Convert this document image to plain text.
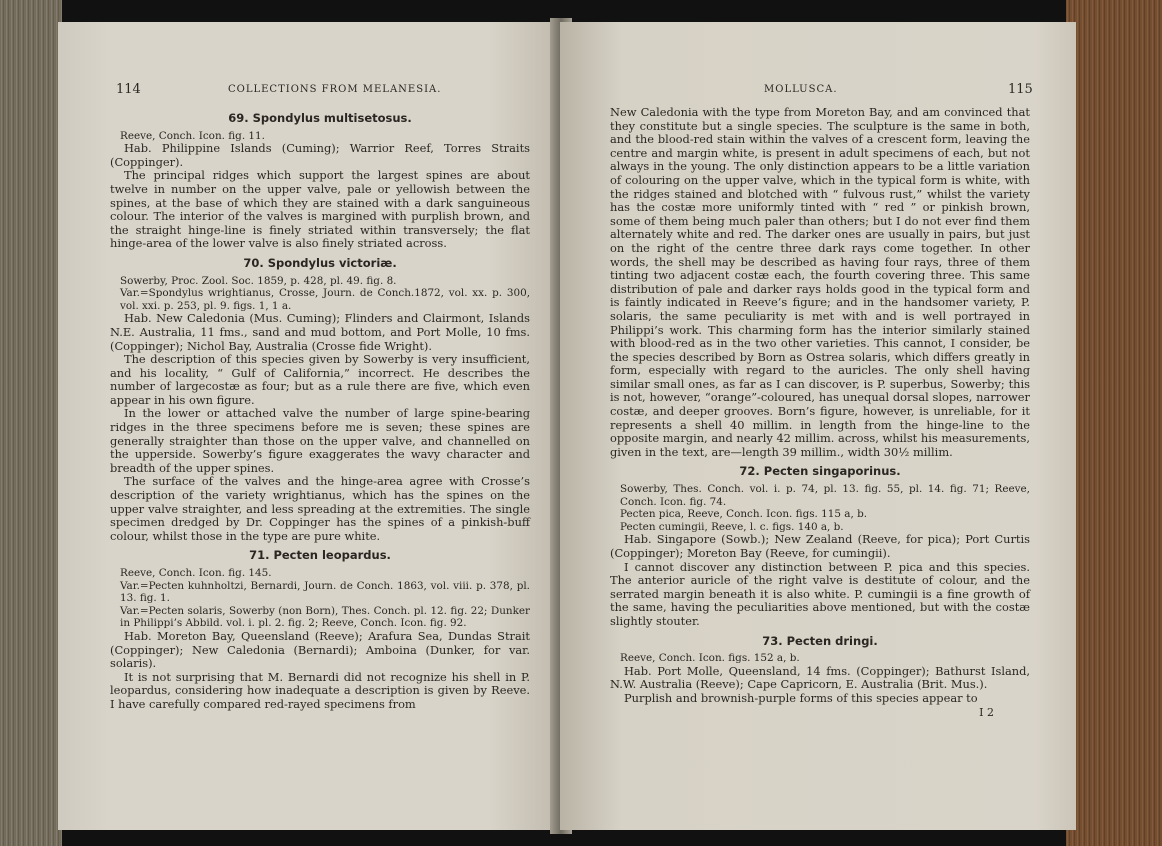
114	COLLECTIONS FROM MELANESIA.
69. Spondylus multisetosus.

Reeve, Conch. Icon. fig. 11.

Hab. Philippine Islands (Cuming); Warrior Reef, Torres Straits (Coppinger).

The principal ridges which support the largest spines are about twelve in number on the upper valve, pale or yellowish between the spines, at the base of which they are stained with a dark sanguineous colour. The interior of the valves is margined with purplish brown, and the straight hinge-line is finely striated within transversely; the flat hinge-area of the lower valve is also finely striated across.

70. Spondylus victoriæ.

Sowerby, Proc. Zool. Soc. 1859, p. 428, pl. 49. fig. 8.

Var.=Spondylus wrightianus, Crosse, Journ. de Conch.1872, vol. xx. p. 300, vol. xxi. p. 253, pl. 9. figs. 1, 1 a.

Hab. New Caledonia (Mus. Cuming); Flinders and Clairmont, Islands N.E. Australia, 11 fms., sand and mud bottom, and Port Molle, 10 fms. (Coppinger); Nichol Bay, Australia (Crosse fide Wright).

The description of this species given by Sowerby is very insufficient, and his locality, “ Gulf of California,” incorrect. He describes the number of largecostæ as four; but as a rule there are five, which even appear in his own figure.

In the lower or attached valve the number of large spine-bearing ridges in the three specimens before me is seven; these spines are generally straighter than those on the upper valve, and channelled on the upperside. Sowerby’s figure exaggerates the wavy character and breadth of the upper spines.

The surface of the valves and the hinge-area agree with Crosse’s description of the variety wrightianus, which has the spines on the upper valve straighter, and less spreading at the extremities. The single specimen dredged by Dr. Coppinger has the spines of a pinkish-buff colour, whilst those in the type are pure white.

71. Pecten leopardus.

Reeve, Conch. Icon. fig. 145.

Var.=Pecten kuhnholtzi, Bernardi, Journ. de Conch. 1863, vol. viii. p. 378, pl. 13. fig. 1.

Var.=Pecten solaris, Sowerby (non Born), Thes. Conch. pl. 12. fig. 22; Dunker in Philippi’s Abbild. vol. i. pl. 2. fig. 2; Reeve, Conch. Icon. fig. 92.

Hab. Moreton Bay, Queensland (Reeve); Arafura Sea, Dundas Strait (Coppinger); New Caledonia (Bernardi); Amboina (Dunker, for var. solaris).

It is not surprising that M. Bernardi did not recognize his shell in P. leopardus, considering how inadequate a description is given by Reeve. I have carefully compared red-rayed specimens from

MOLLUSCA.	115

New Caledonia with the type from Moreton Bay, and am convinced that they constitute but a single species. The sculpture is the same in both, and the blood-red stain within the valves of a crescent form, leaving the centre and margin white, is present in adult specimens of each, but not always in the young. The only distinction appears to be a little variation of colouring on the upper valve, which in the typical form is white, with the ridges stained and blotched with “ fulvous rust,” whilst the variety has the costæ more uniformly tinted with “ red ” or pinkish brown, some of them being much paler than others; but I do not ever find them alternately white and red. The darker ones are usually in pairs, but just on the right of the centre three dark rays come together. In other words, the shell may be described as having four rays, three of them tinting two adjacent costæ each, the fourth covering three. This same distribution of pale and darker rays holds good in the typical form and is faintly indicated in Reeve’s figure; and in the handsomer variety, P. solaris, the same peculiarity is met with and is well portrayed in Philippi’s work. This charming form has the interior similarly stained with blood-red as in the two other varieties. This cannot, I consider, be the species described by Born as Ostrea solaris, which differs greatly in form, especially with regard to the auricles. The only shell having similar small ones, as far as I can discover, is P. superbus, Sowerby; this is not, however, “orange”-coloured, has unequal dorsal slopes, narrower costæ, and deeper grooves. Born’s figure, however, is unreliable, for it represents a shell 40 millim. in length from the hinge-line to the opposite margin, and nearly 42 millim. across, whilst his measurements, given in the text, are—length 39 millim., width 30½ millim.

72. Pecten singaporinus.

Sowerby, Thes. Conch. vol. i. p. 74, pl. 13. fig. 55, pl. 14. fig. 71; Reeve, Conch. Icon. fig. 74.

Pecten pica, Reeve, Conch. Icon. figs. 115 a, b.

Pecten cumingii, Reeve, l. c. figs. 140 a, b.

Hab. Singapore (Sowb.); New Zealand (Reeve, for pica); Port Curtis (Coppinger); Moreton Bay (Reeve, for cumingii).

I cannot discover any distinction between P. pica and this species. The anterior auricle of the right valve is destitute of colour, and the serrated margin beneath it is also white. P. cumingii is a fine growth of the same, having the peculiarities above mentioned, but with the costæ slightly stouter.

73. Pecten dringi.

Reeve, Conch. Icon. figs. 152 a, b.

Hab. Port Molle, Queensland, 14 fms. (Coppinger); Bathurst Island, N.W. Australia (Reeve); Cape Capricorn, E. Australia (Brit. Mus.).

Purplish and brownish-purple forms of this species appear to

I 2
